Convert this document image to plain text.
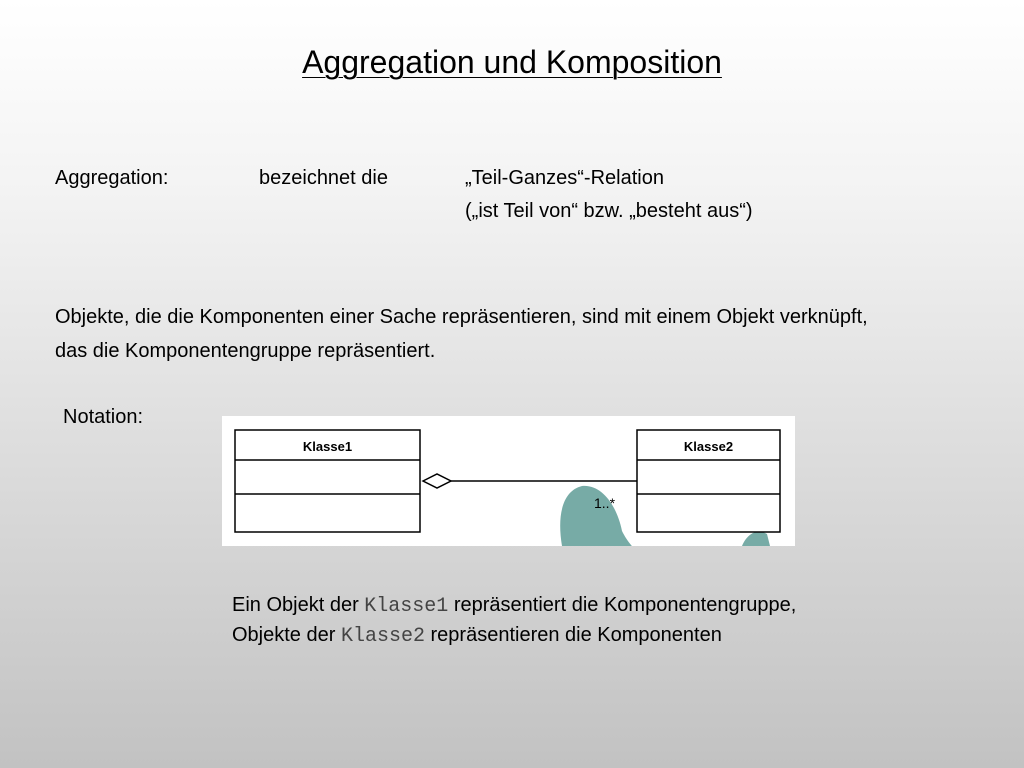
Aggregation und Komposition
Aggregation:	bezeichnet die	„Teil-Ganzes“-Relation
(„ist Teil von“ bzw. „besteht aus“)
Objekte, die die Komponenten einer Sache repräsentieren, sind mit einem Objekt verknüpft,
das die Komponentengruppe repräsentiert.
Notation:
Klasse1
1..*
Klasse2
Ein Objekt der Klasse1 repräsentiert die Komponentengruppe,
Objekte der Klasse2 repräsentieren die Komponenten
